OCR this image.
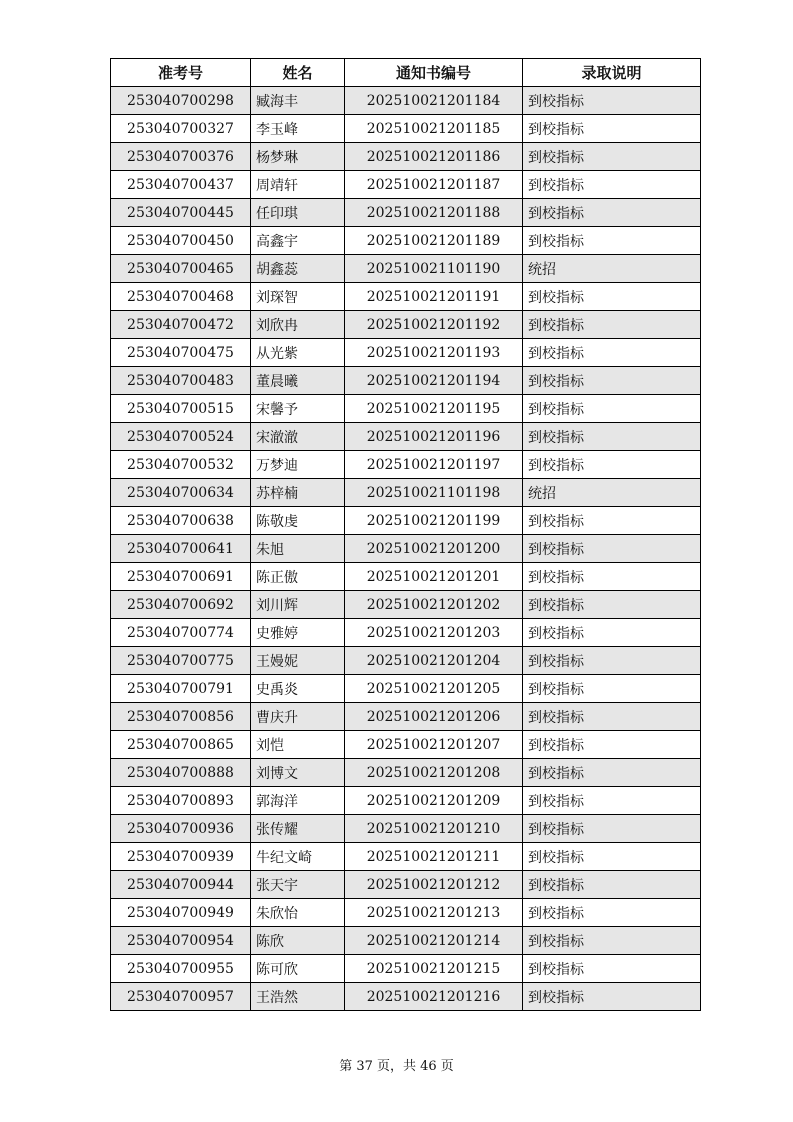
准考号	姓名	通知书编号	录取说明
253040700298	臧海丰	202510021201184	到校指标
253040700327	李玉峰	202510021201185	到校指标
253040700376	杨梦琳	202510021201186	到校指标
253040700437	周靖轩	202510021201187	到校指标
253040700445	任印琪	202510021201188	到校指标
253040700450	高鑫宇	202510021201189	到校指标
253040700465	胡鑫蕊	202510021101190	统招
253040700468	刘琛智	202510021201191	到校指标
253040700472	刘欣冉	202510021201192	到校指标
253040700475	从光紫	202510021201193	到校指标
253040700483	董晨曦	202510021201194	到校指标
253040700515	宋馨予	202510021201195	到校指标
253040700524	宋澈澈	202510021201196	到校指标
253040700532	万梦迪	202510021201197	到校指标
253040700634	苏梓楠	202510021101198	统招
253040700638	陈敬虔	202510021201199	到校指标
253040700641	朱旭	202510021201200	到校指标
253040700691	陈正傲	202510021201201	到校指标
253040700692	刘川辉	202510021201202	到校指标
253040700774	史雅婷	202510021201203	到校指标
253040700775	王嫚妮	202510021201204	到校指标
253040700791	史禹炎	202510021201205	到校指标
253040700856	曹庆升	202510021201206	到校指标
253040700865	刘恺	202510021201207	到校指标
253040700888	刘博文	202510021201208	到校指标
253040700893	郭海洋	202510021201209	到校指标
253040700936	张传耀	202510021201210	到校指标
253040700939	牛纪文崎	202510021201211	到校指标
253040700944	张天宇	202510021201212	到校指标
253040700949	朱欣怡	202510021201213	到校指标
253040700954	陈欣	202510021201214	到校指标
253040700955	陈可欣	202510021201215	到校指标
253040700957	王浩然	202510021201216	到校指标
第 37 页，共 46 页
